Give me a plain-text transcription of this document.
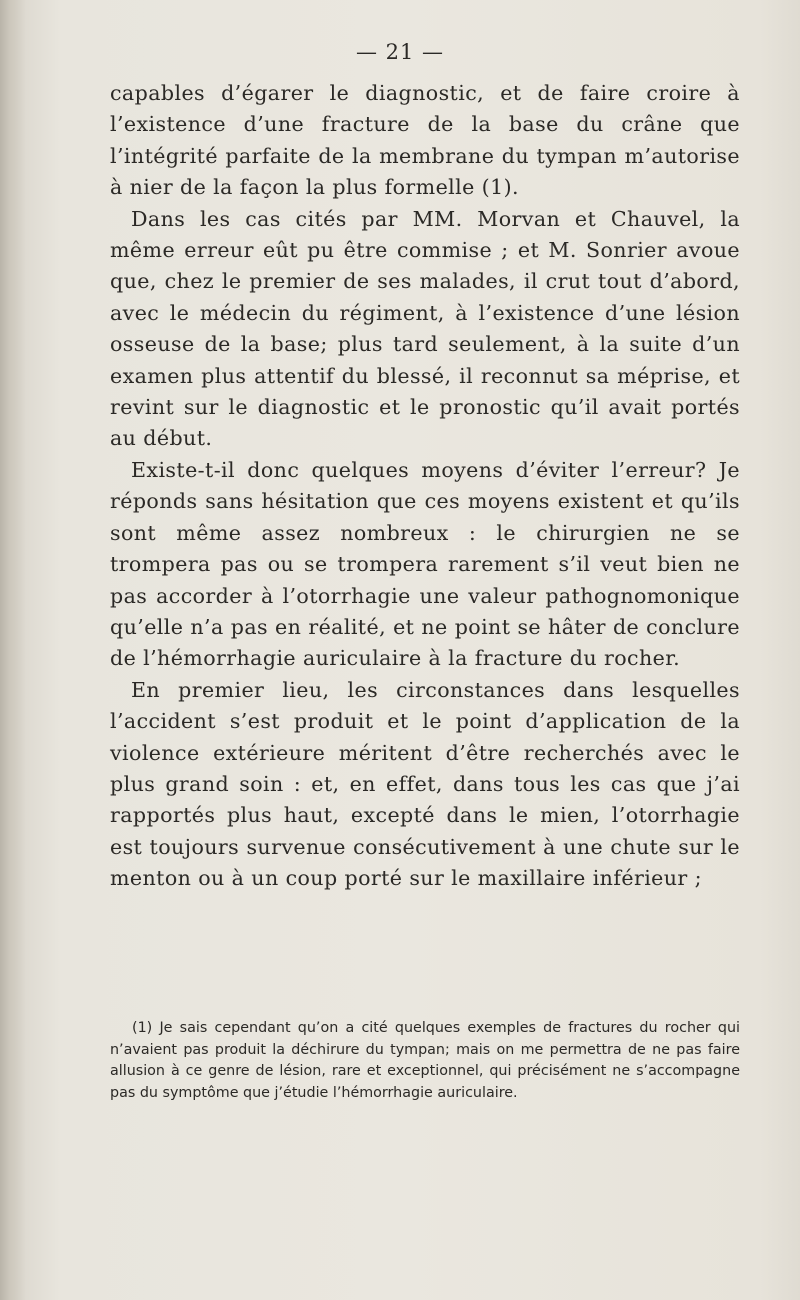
— 21 —

capables d’égarer le diagnostic, et de faire croire à l’existence d’une fracture de la base du crâne que l’intégrité parfaite de la membrane du tympan m’autorise à nier de la façon la plus formelle (1).

Dans les cas cités par MM. Morvan et Chauvel, la même erreur eût pu être commise ; et M. Sonrier avoue que, chez le premier de ses malades, il crut tout d’abord, avec le médecin du régiment, à l’existence d’une lésion osseuse de la base; plus tard seulement, à la suite d’un examen plus attentif du blessé, il reconnut sa méprise, et revint sur le diagnostic et le pronostic qu’il avait portés au début.

Existe-t-il donc quelques moyens d’éviter l’erreur? Je réponds sans hésitation que ces moyens existent et qu’ils sont même assez nombreux : le chirurgien ne se trompera pas ou se trompera rarement s’il veut bien ne pas accorder à l’otorrhagie une valeur pathognomonique qu’elle n’a pas en réalité, et ne point se hâter de conclure de l’hémorrhagie auriculaire à la fracture du rocher.

En premier lieu, les circonstances dans lesquelles l’accident s’est produit et le point d’application de la violence extérieure méritent d’être recherchés avec le plus grand soin : et, en effet, dans tous les cas que j’ai rapportés plus haut, excepté dans le mien, l’otorrhagie est toujours survenue consécutivement à une chute sur le menton ou à un coup porté sur le maxillaire inférieur ;

(1) Je sais cependant qu’on a cité quelques exemples de fractures du rocher qui n’avaient pas produit la déchirure du tympan; mais on me permettra de ne pas faire allusion à ce genre de lésion, rare et exceptionnel, qui précisément ne s’accompagne pas du symptôme que j’étudie l’hémorrhagie auriculaire.
